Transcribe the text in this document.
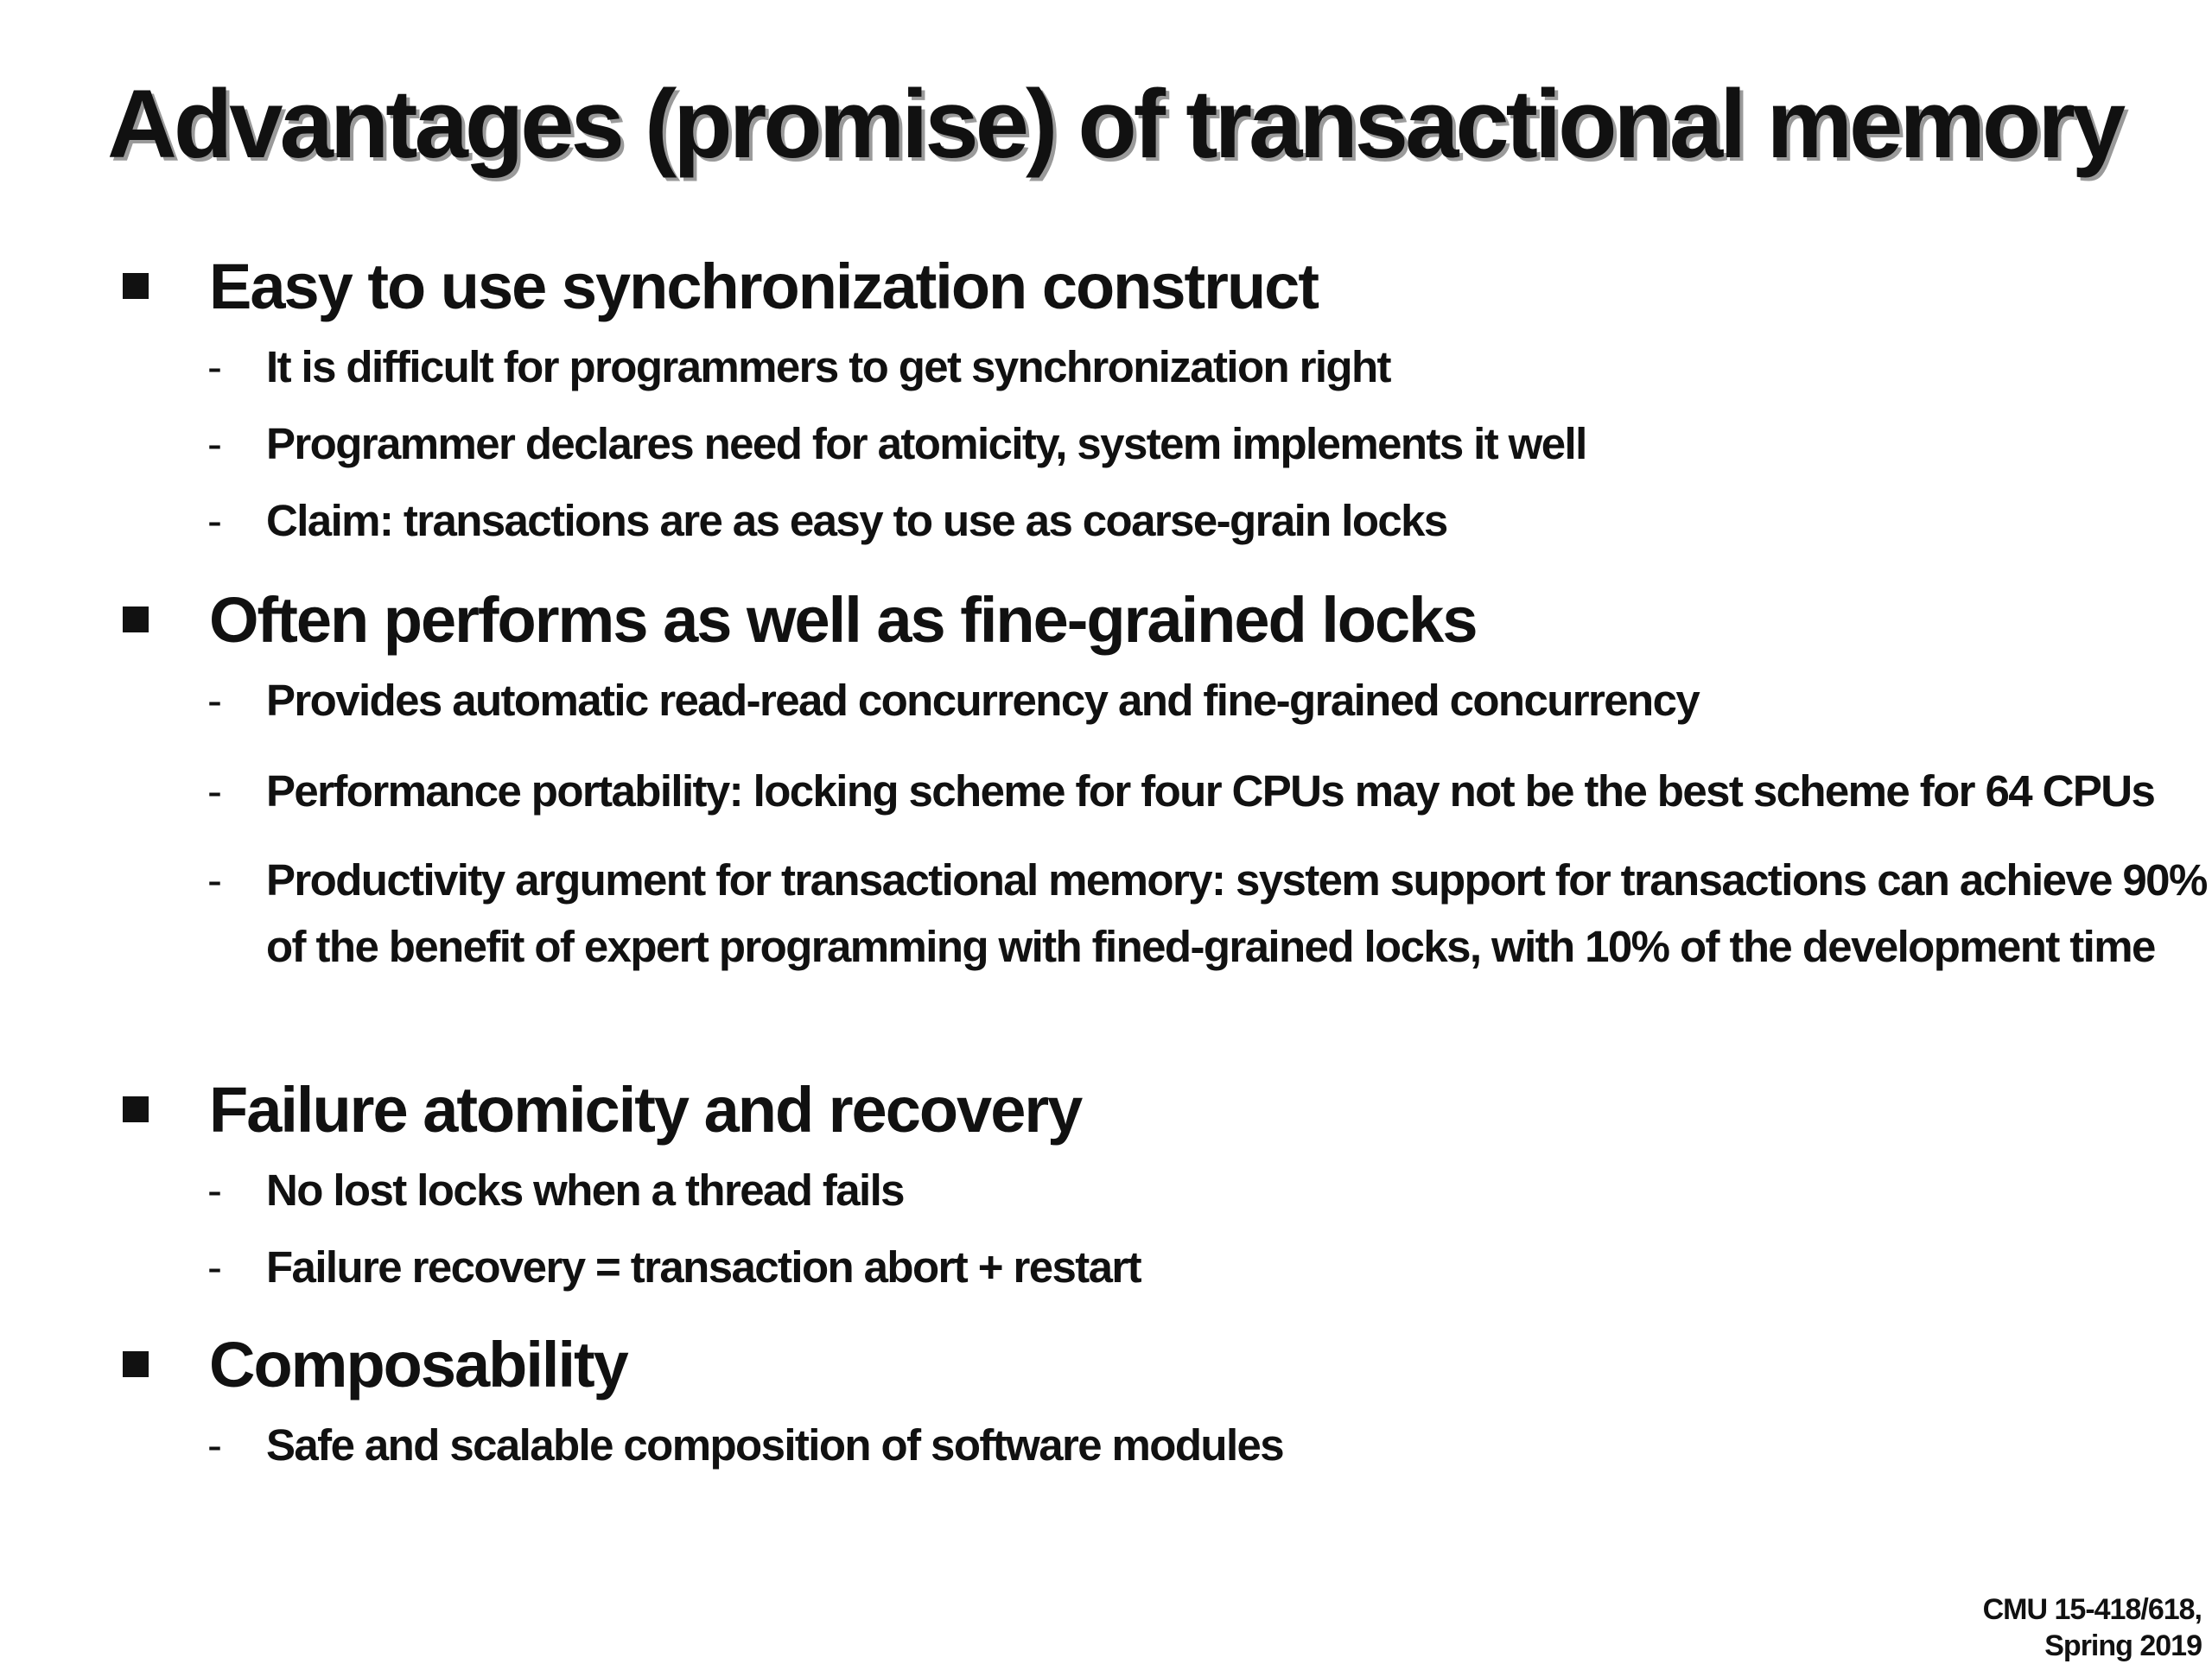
Advantages (promise) of transactional memory
Easy to use synchronization construct
- It is difficult for programmers to get synchronization right
- Programmer declares need for atomicity, system implements it well
- Claim: transactions are as easy to use as coarse-grain locks
Often performs as well as fine-grained locks
- Provides automatic read-read concurrency and fine-grained concurrency
- Performance portability: locking scheme for four CPUs may not be the best scheme for 64 CPUs
- Productivity argument for transactional memory: system support for transactions can achieve 90% of the benefit of expert programming with fined-grained locks, with 10% of the development time
Failure atomicity and recovery
- No lost locks when a thread fails
- Failure recovery = transaction abort + restart
Composability
- Safe and scalable composition of software modules
CMU 15-418/618,
Spring 2019
